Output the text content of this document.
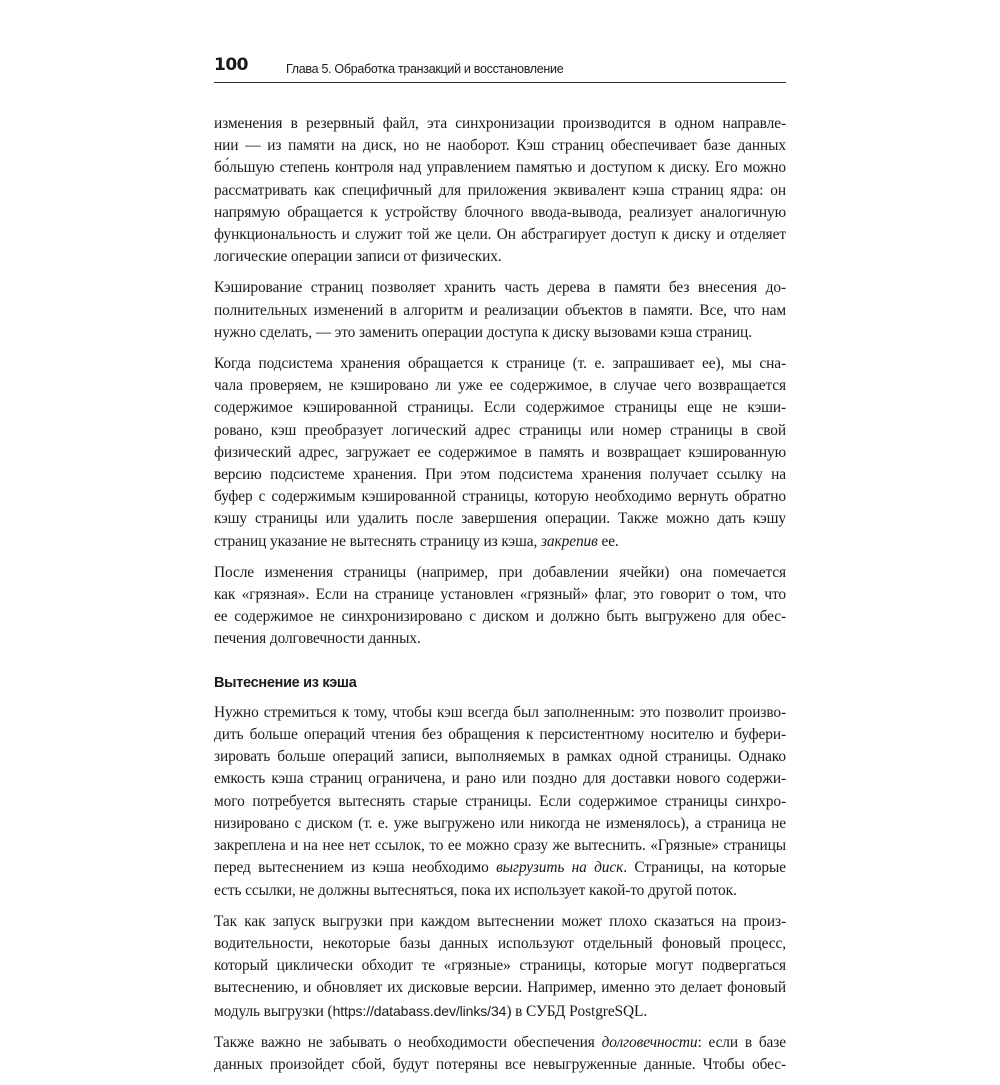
100	Глава 5. Обработка транзакций и восстановление

изменения в резервный файл, эта синхронизации производится в одном направле-
нии — из памяти на диск, но не наоборот. Кэш страниц обеспечивает базе данных
бо́льшую степень контроля над управлением памятью и доступом к диску. Его можно
рассматривать как специфичный для приложения эквивалент кэша страниц ядра: он
напрямую обращается к устройству блочного ввода-вывода, реализует аналогичную
функциональность и служит той же цели. Он абстрагирует доступ к диску и отделяет
логические операции записи от физических.

Кэширование страниц позволяет хранить часть дерева в памяти без внесения до-
полнительных изменений в алгоритм и реализации объектов в памяти. Все, что нам
нужно сделать, — это заменить операции доступа к диску вызовами кэша страниц.

Когда подсистема хранения обращается к странице (т. е. запрашивает ее), мы сна-
чала проверяем, не кэшировано ли уже ее содержимое, в случае чего возвращается
содержимое кэшированной страницы. Если содержимое страницы еще не кэши-
ровано, кэш преобразует логический адрес страницы или номер страницы в свой
физический адрес, загружает ее содержимое в память и возвращает кэшированную
версию подсистеме хранения. При этом подсистема хранения получает ссылку на
буфер с содержимым кэшированной страницы, которую необходимо вернуть обратно
кэшу страницы или удалить после завершения операции. Также можно дать кэшу
страниц указание не вытеснять страницу из кэша, закрепив ее.

После изменения страницы (например, при добавлении ячейки) она помечается
как «грязная». Если на странице установлен «грязный» флаг, это говорит о том, что
ее содержимое не синхронизировано с диском и должно быть выгружено для обес-
печения долговечности данных.

Вытеснение из кэша

Нужно стремиться к тому, чтобы кэш всегда был заполненным: это позволит произво-
дить больше операций чтения без обращения к персистентному носителю и буфери-
зировать больше операций записи, выполняемых в рамках одной страницы. Однако
емкость кэша страниц ограничена, и рано или поздно для доставки нового содержи-
мого потребуется вытеснять старые страницы. Если содержимое страницы синхро-
низировано с диском (т. е. уже выгружено или никогда не изменялось), а страница не
закреплена и на нее нет ссылок, то ее можно сразу же вытеснить. «Грязные» страницы
перед вытеснением из кэша необходимо выгрузить на диск. Страницы, на которые
есть ссылки, не должны вытесняться, пока их использует какой-то другой поток.

Так как запуск выгрузки при каждом вытеснении может плохо сказаться на произ-
водительности, некоторые базы данных используют отдельный фоновый процесс,
который циклически обходит те «грязные» страницы, которые могут подвергаться
вытеснению, и обновляет их дисковые версии. Например, именно это делает фоновый
модуль выгрузки (https://databass.dev/links/34) в СУБД PostgreSQL.

Также важно не забывать о необходимости обеспечения долговечности: если в базе
данных произойдет сбой, будут потеряны все невыгруженные данные. Чтобы обес-
